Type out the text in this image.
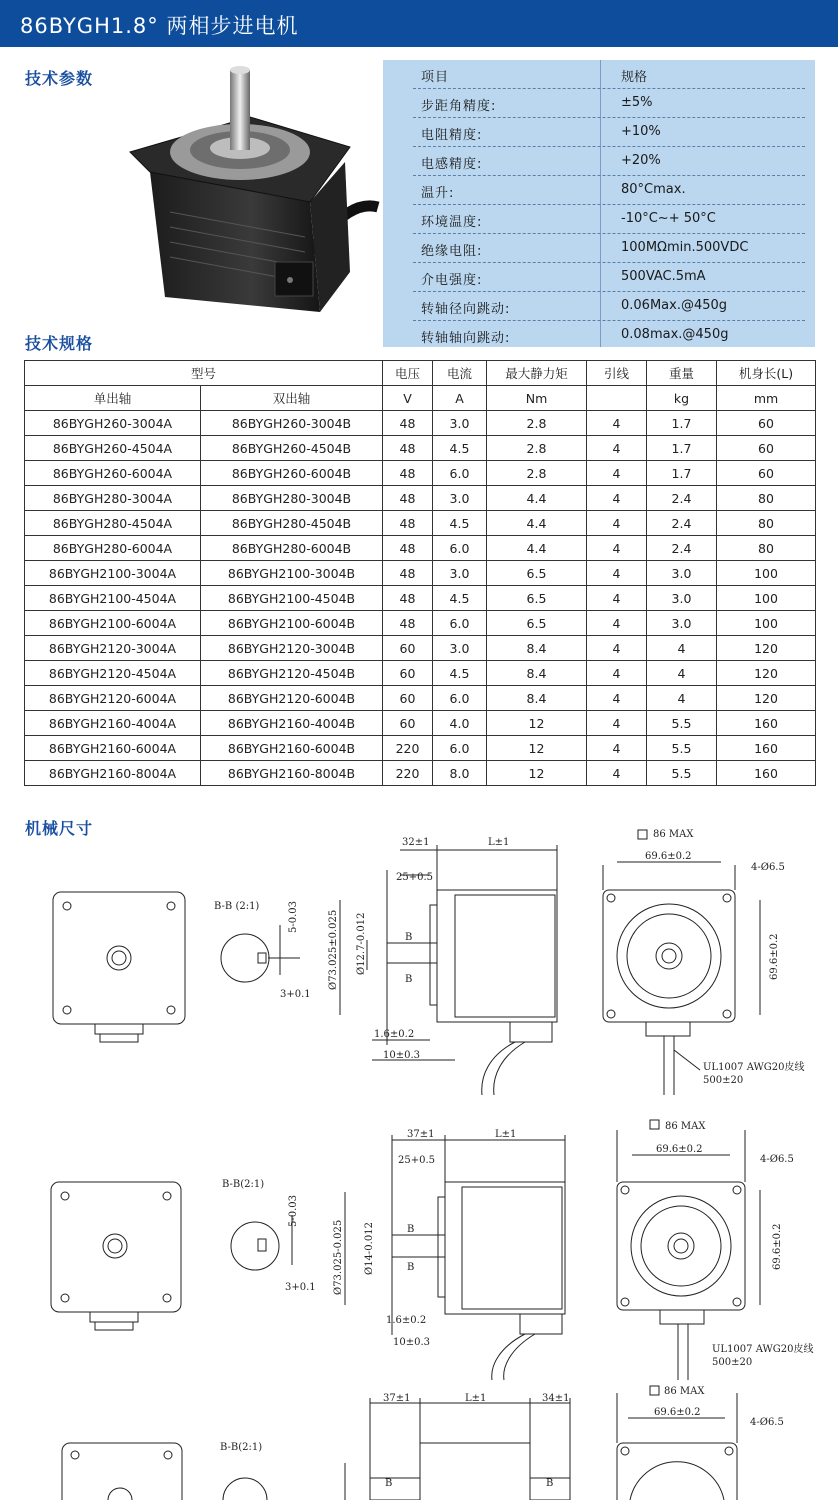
86BYGH1.8° 两相步进电机
技术参数
技术规格
机械尺寸
项目	规格
步距角精度:	±5%
电阻精度:	+10%
电感精度:	+20%
温升:	80°Cmax.
环境温度:	-10°C~+ 50°C
绝缘电阻:	100MΩmin.500VDC
介电强度:	500VAC.5mA
转轴径向跳动:	0.06Max.@450g
转轴轴向跳动:	0.08max.@450g
型号		电压	电流	最大静力矩	引线	重量	机身长(L)
单出轴	双出轴	V	A	Nm		kg	mm
86BYGH260-3004A	86BYGH260-3004B	48	3.0	2.8	4	1.7	60
86BYGH260-4504A	86BYGH260-4504B	48	4.5	2.8	4	1.7	60
86BYGH260-6004A	86BYGH260-6004B	48	6.0	2.8	4	1.7	60
86BYGH280-3004A	86BYGH280-3004B	48	3.0	4.4	4	2.4	80
86BYGH280-4504A	86BYGH280-4504B	48	4.5	4.4	4	2.4	80
86BYGH280-6004A	86BYGH280-6004B	48	6.0	4.4	4	2.4	80
86BYGH2100-3004A	86BYGH2100-3004B	48	3.0	6.5	4	3.0	100
86BYGH2100-4504A	86BYGH2100-4504B	48	4.5	6.5	4	3.0	100
86BYGH2100-6004A	86BYGH2100-6004B	48	6.0	6.5	4	3.0	100
86BYGH2120-3004A	86BYGH2120-3004B	60	3.0	8.4	4	4	120
86BYGH2120-4504A	86BYGH2120-4504B	60	4.5	8.4	4	4	120
86BYGH2120-6004A	86BYGH2120-6004B	60	6.0	8.4	4	4	120
86BYGH2160-4004A	86BYGH2160-4004B	60	4.0	12	4	5.5	160
86BYGH2160-6004A	86BYGH2160-6004B	220	6.0	12	4	5.5	160
86BYGH2160-8004A	86BYGH2160-8004B	220	8.0	12	4	5.5	160
B-B (2:1)	5-0.03
3+0.1
32±1	L±1
25+0.5
Ø73.025±0.025 Ø12.7-0.012	B
B
1.6±0.2
10±0.3
86 MAX
69.6±0.2
4-Ø6.5
69.6±0.2
UL1007 AWG20皮线
500±20
B-B(2:1)
5-0.03
3+0.1
37±1	L±1
25+0.5
Ø73.025-0.025 Ø14-0.012	B
B
1.6±0.2
10±0.3
86 MAX
69.6±0.2
4-Ø6.5
69.6±0.2
UL1007 AWG20皮线
500±20
B-B(2:1)
37±1	L±1	34±1
B	B
86 MAX
69.6±0.2
4-Ø6.5
